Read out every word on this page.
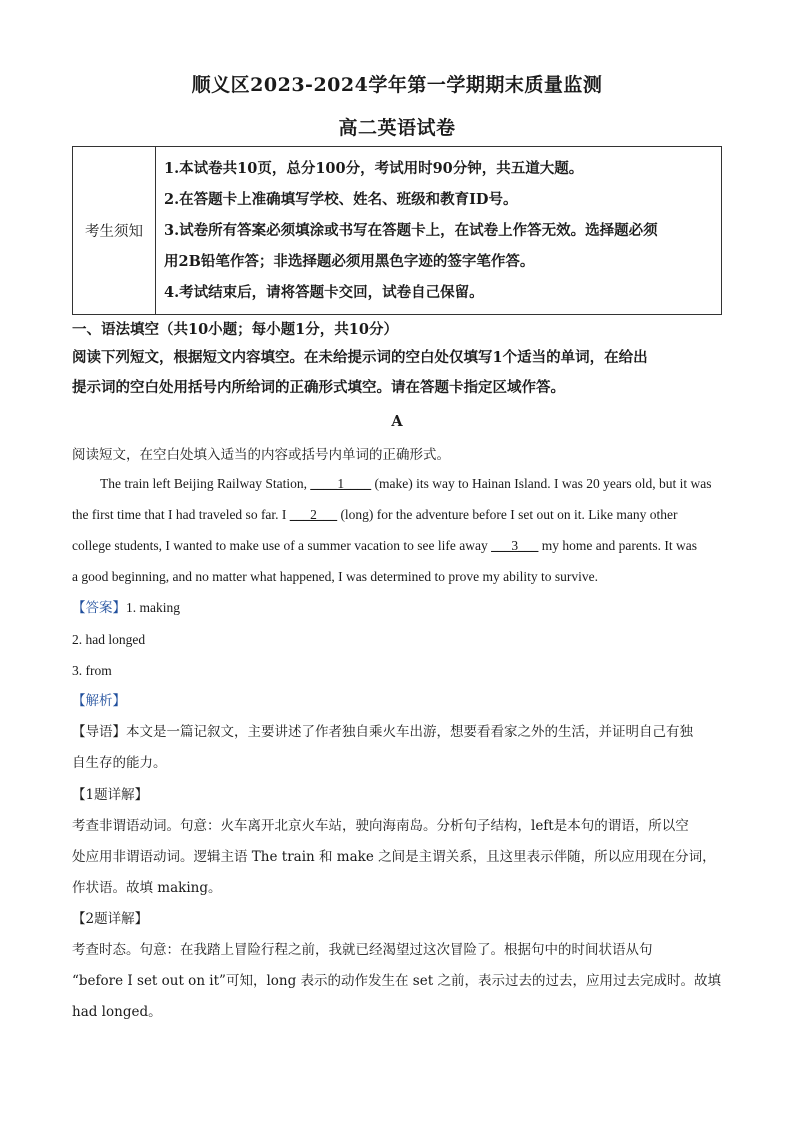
顺义区2023-2024学年第一学期期末质量监测
高二英语试卷
考生须知	
1.本试卷共10页，总分100分，考试用时90分钟，共五道大题。
2.在答题卡上准确填写学校、姓名、班级和教育ID号。
3.试卷所有答案必须填涂或书写在答题卡上，在试卷上作答无效。选择题必须
用2B铅笔作答；非选择题必须用黑色字迹的签字笔作答。
4.考试结束后，请将答题卡交回，试卷自己保留。
一、语法填空（共10小题；每小题1分，共10分）
阅读下列短文，根据短文内容填空。在未给提示词的空白处仅填写1个适当的单词，在给出
提示词的空白处用括号内所给词的正确形式填空。请在答题卡指定区域作答。
A
阅读短文，在空白处填入适当的内容或括号内单词的正确形式。
The train left Beijing Railway Station, ____1____ (make) its way to Hainan Island. I was 20 years old, but it was
the first time that I had traveled so far. I ___2___ (long) for the adventure before I set out on it. Like many other
college students, I wanted to make use of a summer vacation to see life away ___3___ my home and parents. It was
a good beginning, and no matter what happened, I was determined to prove my ability to survive.
【答案】1. making
2. had longed
3. from
【解析】
【导语】本文是一篇记叙文，主要讲述了作者独自乘火车出游，想要看看家之外的生活，并证明自己有独
自生存的能力。
【1题详解】
考查非谓语动词。句意：火车离开北京火车站，驶向海南岛。分析句子结构，left是本句的谓语，所以空
处应用非谓语动词。逻辑主语 The train 和 make 之间是主谓关系，且这里表示伴随，所以应用现在分词，
作状语。故填 making。
【2题详解】
考查时态。句意：在我踏上冒险行程之前，我就已经渴望过这次冒险了。根据句中的时间状语从句
“before I set out on it”可知，long 表示的动作发生在 set 之前，表示过去的过去，应用过去完成时。故填
had longed。
